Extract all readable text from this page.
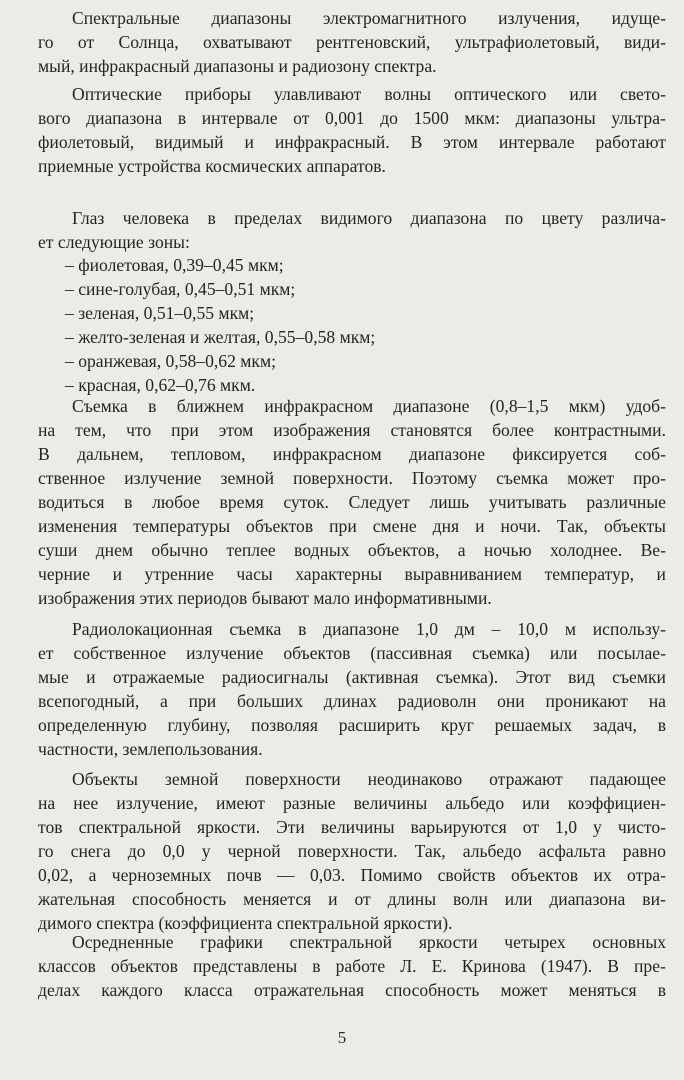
Спектральные диапазоны электромагнитного излучения, идуще-
го от Солнца, охватывают рентгеновский, ультрафиолетовый, види-
мый, инфракрасный диапазоны и радиозону спектра.
Оптические приборы улавливают волны оптического или свето-
вого диапазона в интервале от 0,001 до 1500 мкм: диапазоны ультра-
фиолетовый, видимый и инфракрасный. В этом интервале работают
приемные устройства космических аппаратов.
Глаз человека в пределах видимого диапазона по цвету различа-
ет следующие зоны:
– фиолетовая, 0,39–0,45 мкм;
– сине-голубая, 0,45–0,51 мкм;
– зеленая, 0,51–0,55 мкм;
– желто-зеленая и желтая, 0,55–0,58 мкм;
– оранжевая, 0,58–0,62 мкм;
– красная, 0,62–0,76 мкм.
Съемка в ближнем инфракрасном диапазоне (0,8–1,5 мкм) удоб-
на тем, что при этом изображения становятся более контрастными.
В дальнем, тепловом, инфракрасном диапазоне фиксируется соб-
ственное излучение земной поверхности. Поэтому съемка может про-
водиться в любое время суток. Следует лишь учитывать различные
изменения температуры объектов при смене дня и ночи. Так, объекты
суши днем обычно теплее водных объектов, а ночью холоднее. Ве-
черние и утренние часы характерны выравниванием температур, и
изображения этих периодов бывают мало информативными.
Радиолокационная съемка в диапазоне 1,0 дм – 10,0 м использу-
ет собственное излучение объектов (пассивная съемка) или посылае-
мые и отражаемые радиосигналы (активная съемка). Этот вид съемки
всепогодный, а при больших длинах радиоволн они проникают на
определенную глубину, позволяя расширить круг решаемых задач, в
частности, землепользования.
Объекты земной поверхности неодинаково отражают падающее
на нее излучение, имеют разные величины альбедо или коэффициен-
тов спектральной яркости. Эти величины варьируются от 1,0 у чисто-
го снега до 0,0 у черной поверхности. Так, альбедо асфальта равно
0,02, а черноземных почв — 0,03. Помимо свойств объектов их отра-
жательная способность меняется и от длины волн или диапазона ви-
димого спектра (коэффициента спектральной яркости).
Осредненные графики спектральной яркости четырех основных
классов объектов представлены в работе Л. Е. Кринова (1947). В пре-
делах каждого класса отражательная способность может меняться в
5
